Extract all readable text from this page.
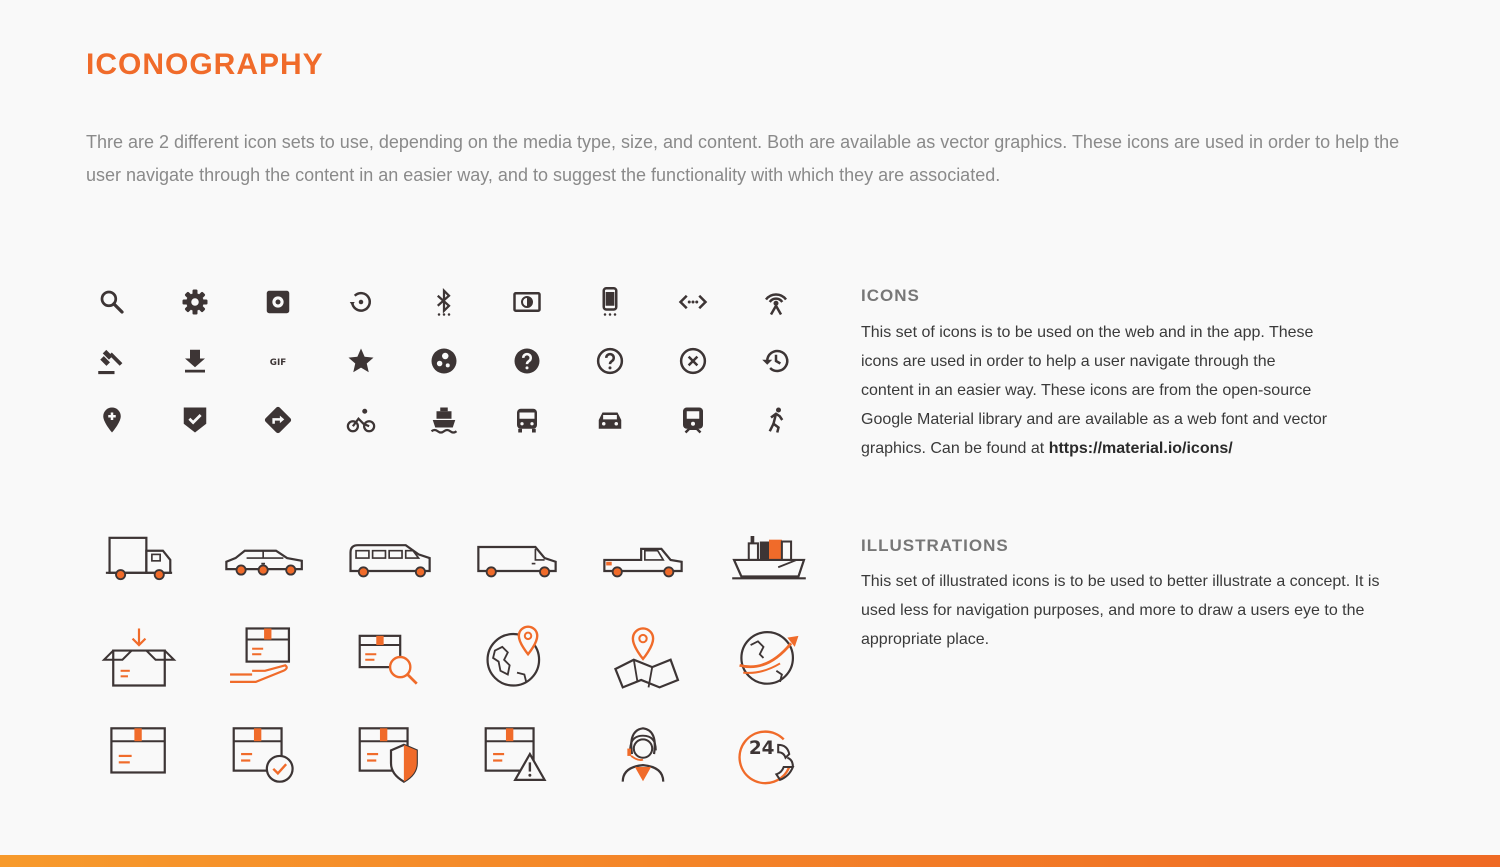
ICONOGRAPHY
Thre are 2 different icon sets to use, depending on the media type, size, and content. Both are available as vector graphics. These icons are used in order to help the user navigate through the content in an easier way, and to suggest the functionality with which they are associated.
GIF
24
ICONS
This set of icons is to be used on the web and in the app. These icons are used in order to help a user navigate through the content in an easier way. These icons are from the open-source Google Material library and are available as a web font and vector graphics. Can be found at https://material.io/icons/
ILLUSTRATIONS
This set of illustrated icons is to be used to better illustrate a concept. It is used less for navigation purposes, and more to draw a users eye to the appropriate place.
